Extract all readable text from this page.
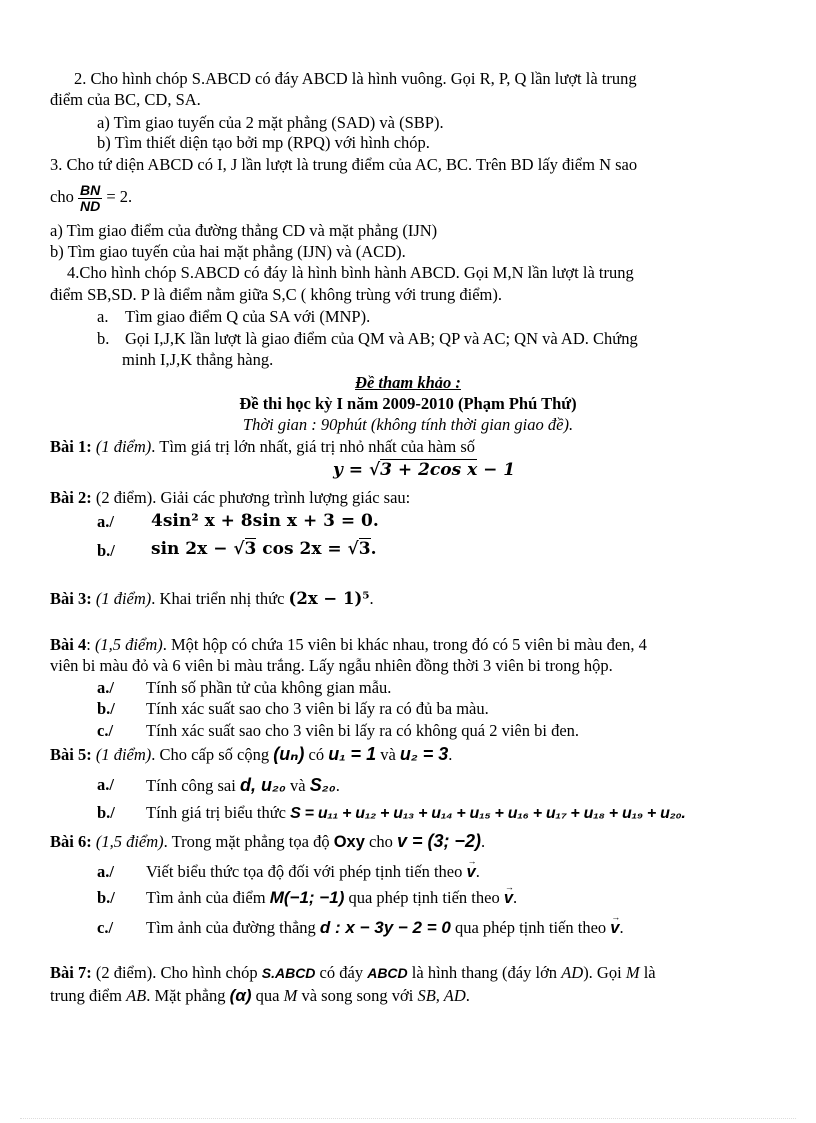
2. Cho hình chóp S.ABCD có đáy ABCD là hình vuông. Gọi R, P, Q lần lượt là trung
điểm của BC, CD, SA.
a) Tìm giao tuyến của 2 mặt phẳng (SAD) và (SBP).
b) Tìm thiết diện tạo bởi mp (RPQ) với hình chóp.
3. Cho tứ diện ABCD có I, J lần lượt là trung điểm của AC, BC. Trên BD lấy điểm N sao
cho $\frac{BN}{ND} = 2$.
a) Tìm giao điểm của đường thẳng CD và mặt phẳng (IJN)
b) Tìm giao tuyến của hai mặt phẳng (IJN) và (ACD).
4.Cho hình chóp S.ABCD có đáy là hình bình hành ABCD. Gọi M,N lần lượt là trung
điểm SB,SD. P là điểm nằm giữa S,C ( không trùng với trung điểm).
a. Tìm giao điểm Q của SA với (MNP).
b. Gọi I,J,K lần lượt là giao điểm của QM và AB; QP và AC; QN và AD. Chứng
minh I,J,K thẳng hàng.
Đề tham khảo :
Đề thi học kỳ I năm 2009-2010 (Phạm Phú Thứ)
Thời gian : 90phút (không tính thời gian giao đề).
Bài 1: (1 điểm). Tìm giá trị lớn nhất, giá trị nhỏ nhất của hàm số
y = √3 + 2cos x − 1
Bài 2: (2 điểm). Giải các phương trình lượng giác sau:
a./ 4sin² x + 8sin x + 3 = 0.
b./ sin 2x − √3 cos 2x = √3.
Bài 3: (1 điểm). Khai triển nhị thức (2x − 1)⁵.
Bài 4: (1,5 điểm). Một hộp có chứa 15 viên bi khác nhau, trong đó có 5 viên bi màu đen, 4
viên bi màu đỏ và 6 viên bi màu trắng. Lấy ngẫu nhiên đồng thời 3 viên bi trong hộp.
a./ Tính số phần tử của không gian mẫu.
b./ Tính xác suất sao cho 3 viên bi lấy ra có đủ ba màu.
c./ Tính xác suất sao cho 3 viên bi lấy ra có không quá 2 viên bi đen.
Bài 5: (1 điểm). Cho cấp số cộng (uₙ) có u₁ = 1 và u₂ = 3.
a./ Tính công sai d, u₂₀ và S₂₀.
b./ Tính giá trị biểu thức S = u₁₁ + u₁₂ + u₁₃ + u₁₄ + u₁₅ + u₁₆ + u₁₇ + u₁₈ + u₁₉ + u₂₀.
Bài 6: (1,5 điểm). Trong mặt phẳng tọa độ Oxy cho v = (3; −2).
a./ Viết biểu thức tọa độ đối với phép tịnh tiến theo → v.
b./ Tìm ảnh của điểm M(−1; −1) qua phép tịnh tiến theo → v.
c./ Tìm ảnh của đường thẳng d : x − 3y − 2 = 0 qua phép tịnh tiến theo → v.
Bài 7: (2 điểm). Cho hình chóp S.ABCD có đáy ABCD là hình thang (đáy lớn AD). Gọi M là
trung điểm AB. Mặt phẳng (α) qua M và song song với SB, AD.
